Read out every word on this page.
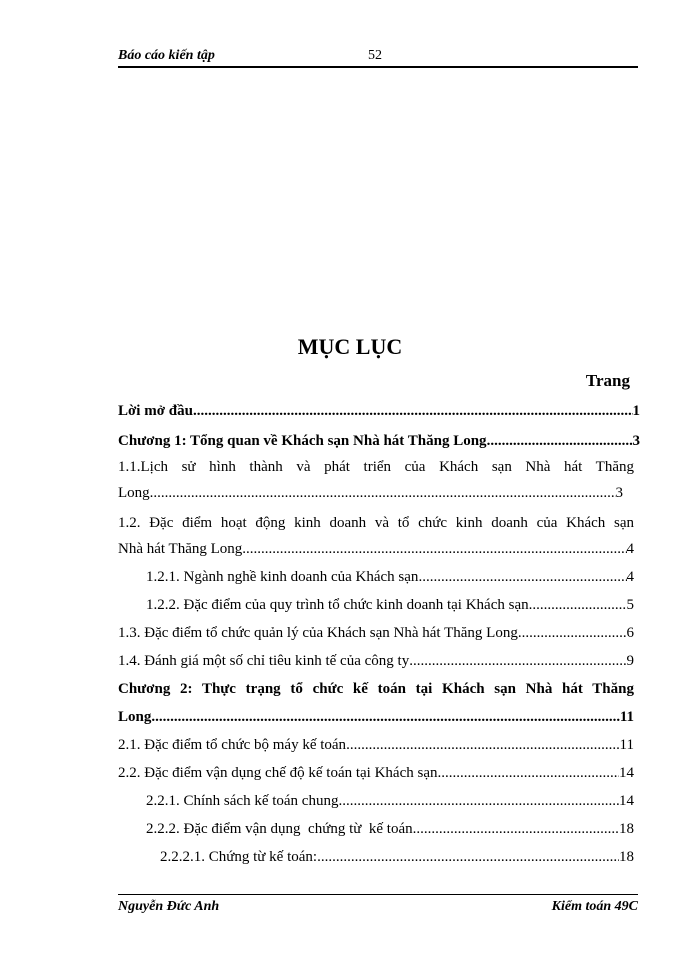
Báo cáo kiến tập	52
MỤC LỤC
Trang
Lời mở đầu .....	1
Chương 1: Tổng quan về Khách sạn Nhà hát Thăng Long .....	3
1.1.Lịch sử hình thành và phát triển của Khách sạn Nhà hát Thăng
Long .....	3
1.2. Đặc điểm hoạt động kinh doanh và tổ chức kinh doanh của Khách sạn
Nhà hát Thăng Long .....	4
1.2.1. Ngành nghề kinh doanh của Khách sạn .....	4
1.2.2. Đặc điểm của quy trình tổ chức kinh doanh tại Khách sạn .....	5
1.3. Đặc điểm tổ chức quản lý của Khách sạn Nhà hát Thăng Long .....	6
1.4. Đánh giá một số chỉ tiêu kinh tế của công ty .....	9
Chương 2: Thực trạng tổ chức kế toán tại Khách sạn Nhà hát Thăng
Long .....	11
2.1. Đặc điểm tổ chức bộ máy kế toán .....	11
2.2. Đặc điểm vận dụng chế độ kế toán tại Khách sạn .....	14
2.2.1. Chính sách kế toán chung .....	14
2.2.2. Đặc điểm vận dụng  chứng từ  kế toán .....	18
2.2.2.1. Chứng từ kế toán: .....	18
Nguyễn Đức Anh	Kiểm toán 49C
